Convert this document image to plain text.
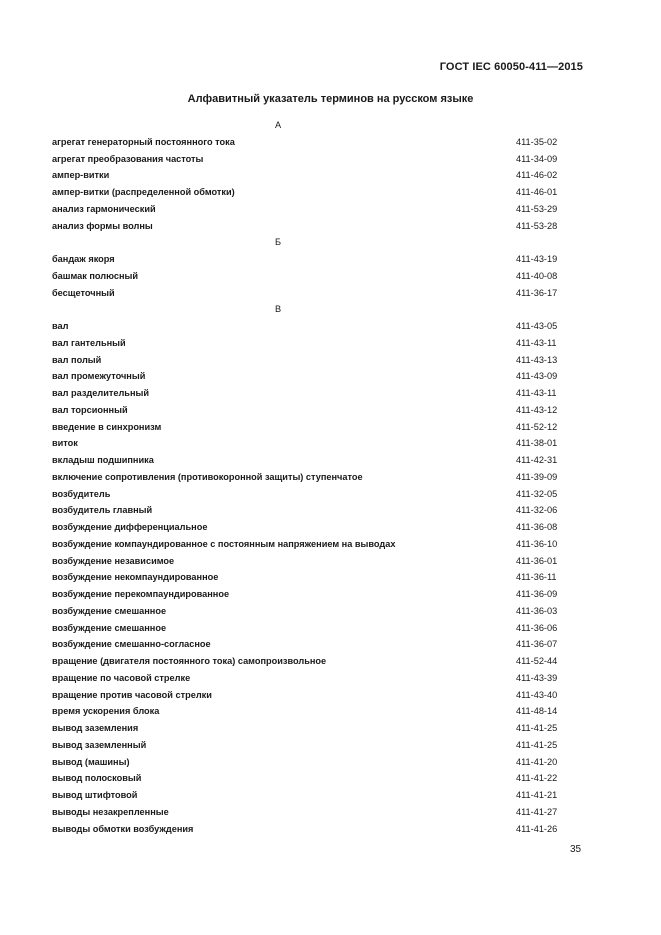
ГОСТ IEC 60050-411—2015
Алфавитный указатель терминов на русском языке
А
агрегат генераторный постоянного тока	411-35-02
агрегат преобразования частоты	411-34-09
ампер-витки	411-46-02
ампер-витки (распределенной обмотки)	411-46-01
анализ гармонический	411-53-29
анализ формы волны	411-53-28
Б
бандаж якоря	411-43-19
башмак полюсный	411-40-08
бесщеточный	411-36-17
В
вал	411-43-05
вал гантельный	411-43-11
вал полый	411-43-13
вал промежуточный	411-43-09
вал разделительный	411-43-11
вал торсионный	411-43-12
введение в синхронизм	411-52-12
виток	411-38-01
вкладыш подшипника	411-42-31
включение сопротивления (противокоронной защиты) ступенчатое	411-39-09
возбудитель	411-32-05
возбудитель главный	411-32-06
возбуждение дифференциальное	411-36-08
возбуждение компаундированное с постоянным напряжением на выводах	411-36-10
возбуждение независимое	411-36-01
возбуждение некомпаундированное	411-36-11
возбуждение перекомпаундированное	411-36-09
возбуждение смешанное	411-36-03
возбуждение смешанное	411-36-06
возбуждение смешанно-согласное	411-36-07
вращение (двигателя постоянного тока) самопроизвольное	411-52-44
вращение по часовой стрелке	411-43-39
вращение против часовой стрелки	411-43-40
время ускорения блока	411-48-14
вывод заземления	411-41-25
вывод заземленный	411-41-25
вывод (машины)	411-41-20
вывод полосковый	411-41-22
вывод штифтовой	411-41-21
выводы незакрепленные	411-41-27
выводы обмотки возбуждения	411-41-26
35
